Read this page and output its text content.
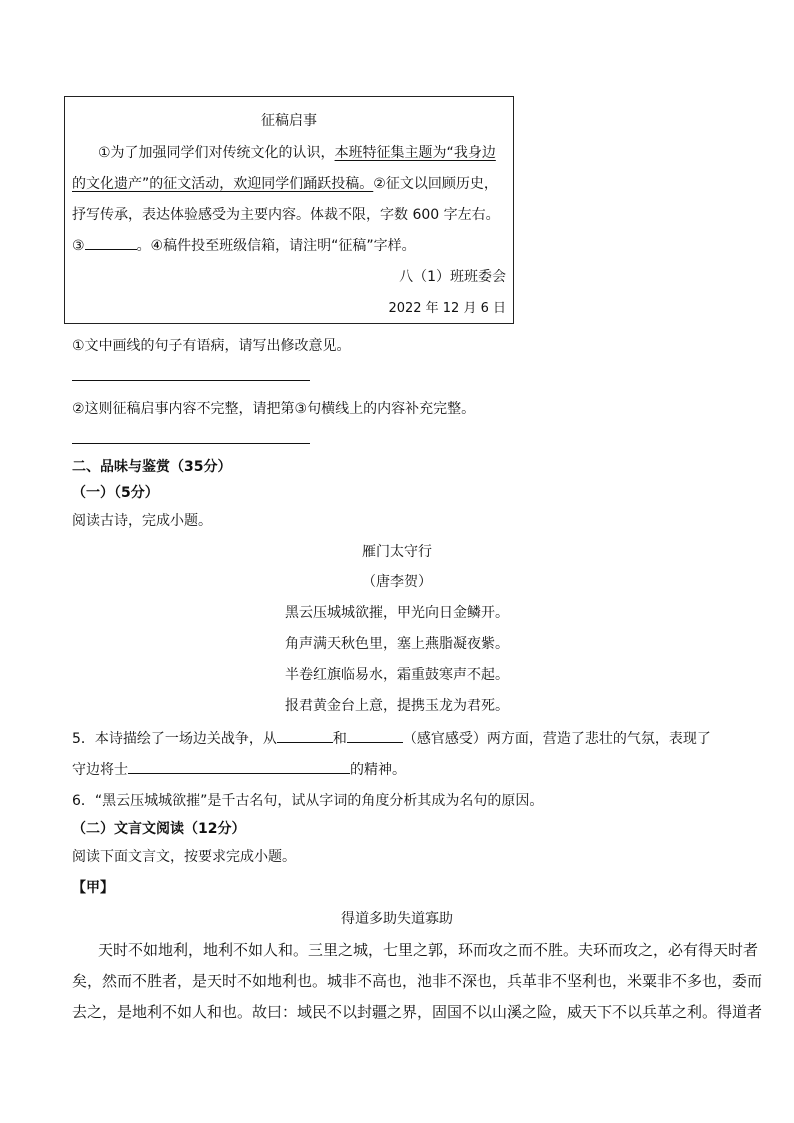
征稿启事
①为了加强同学们对传统文化的认识，本班特征集主题为“我身边
的文化遗产”的征文活动，欢迎同学们踊跃投稿。②征文以回顾历史，
抒写传承，表达体验感受为主要内容。体裁不限，字数 600 字左右。
③	。④稿件投至班级信箱，请注明“征稿”字样。
八（1）班班委会
2022 年 12 月 6 日
①文中画线的句子有语病，请写出修改意见。
②这则征稿启事内容不完整，请把第③句横线上的内容补充完整。
二、品味与鉴赏（35分）
（一）（5分）
阅读古诗，完成小题。
雁门太守行
（唐李贺）
黑云压城城欲摧，甲光向日金鳞开。
角声满天秋色里，塞上燕脂凝夜紫。
半卷红旗临易水，霜重鼓寒声不起。
报君黄金台上意，提携玉龙为君死。
5．本诗描绘了一场边关战争，从	和	（感官感受）两方面，营造了悲壮的气氛，表现了
守边将士	的精神。
6．“黑云压城城欲摧”是千古名句，试从字词的角度分析其成为名句的原因。
（二）文言文阅读（12分）
阅读下面文言文，按要求完成小题。
【甲】
得道多助失道寡助
天时不如地利，地利不如人和。三里之城，七里之郭，环而攻之而不胜。夫环而攻之，必有得天时者
矣，然而不胜者，是天时不如地利也。城非不高也，池非不深也，兵革非不坚利也，米粟非不多也，委而
去之，是地利不如人和也。故曰：域民不以封疆之界，固国不以山溪之险，威天下不以兵革之利。得道者
